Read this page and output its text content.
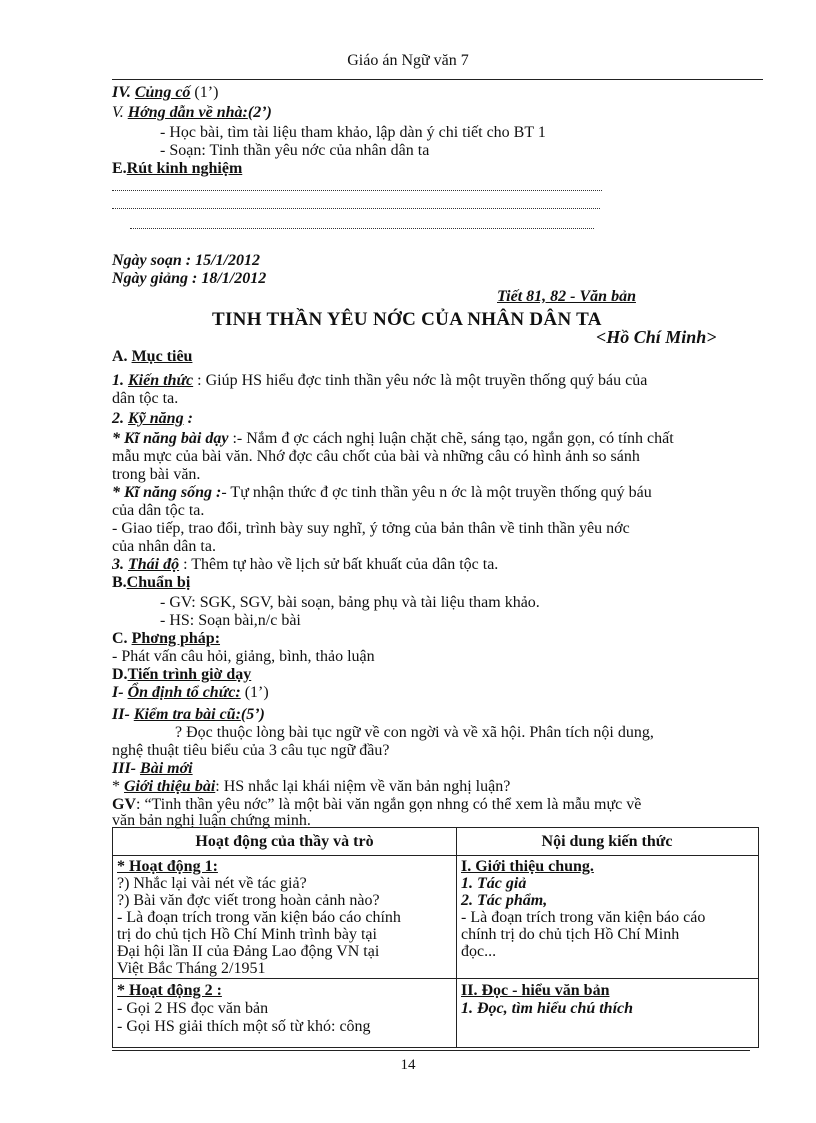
Giáo án Ngữ văn 7
IV. Củng cố (1’)
V. Hớng dẫn về nhà:(2’)
- Học bài, tìm tài liệu tham khảo, lập dàn ý chi tiết cho BT 1
- Soạn: Tinh thần yêu nớc của nhân dân ta
E.Rút kinh nghiệm
Ngày soạn : 15/1/2012
Ngày giảng : 18/1/2012
Tiết 81, 82 - Văn bản
TINH THẦN YÊU NỚC CỦA NHÂN DÂN TA
<Hồ Chí Minh>
A. Mục tiêu
1. Kiến thức : Giúp HS hiểu đợc tinh thần yêu nớc là một truyền thống quý báu của
dân tộc ta.
2. Kỹ năng :
* Kĩ năng bài dạy :- Nắm đ ợc cách nghị luận chặt chẽ, sáng tạo, ngắn gọn, có tính chất
mẫu mực của bài văn. Nhớ đợc câu chốt của bài và những câu có hình ảnh so sánh
trong bài văn.
* Kĩ năng sống :- Tự nhận thức đ ợc tinh thần yêu n ớc là một truyền thống quý báu
của dân tộc ta.
- Giao tiếp, trao đổi, trình bày suy nghĩ, ý tởng của bản thân về tinh thần yêu nớc
của nhân dân ta.
3. Thái độ : Thêm tự hào về lịch sử bất khuất của dân tộc ta.
B.Chuẩn bị
- GV: SGK, SGV, bài soạn, bảng phụ và tài liệu tham khảo.
- HS: Soạn bài,n/c bài
C. Phơng pháp:
- Phát vấn câu hỏi, giảng, bình, thảo luận
D.Tiến trình giờ dạy
I- Ổn định tổ chức: (1’)
II- Kiểm tra bài cũ:(5’)
? Đọc thuộc lòng bài tục ngữ về con ngời và về xã hội. Phân tích nội dung,
nghệ thuật tiêu biểu của 3 câu tục ngữ đầu?
III- Bài mới
* Giới thiệu bài: HS nhắc lại khái niệm về văn bản nghị luận?
GV: “Tinh thần yêu nớc” là một bài văn ngắn gọn nhng có thể xem là mẫu mực về
văn bản nghị luận chứng minh.
Hoạt động của thầy và trò	Nội dung kiến thức
* Hoạt động 1:
?) Nhắc lại vài nét về tác giả?
?) Bài văn đợc viết trong hoàn cảnh nào?
- Là đoạn trích trong văn kiện báo cáo chính
trị do chủ tịch Hồ Chí Minh trình bày tại
Đại hội lần II của Đảng Lao động VN tại
Việt Bắc Tháng 2/1951
I. Giới thiệu chung.
1. Tác giả
2. Tác phẩm,
- Là đoạn trích trong văn kiện báo cáo
chính trị do chủ tịch Hồ Chí Minh
đọc...
* Hoạt động 2 :
- Gọi 2 HS đọc văn bản
- Gọi HS giải thích một số từ khó: công
II. Đọc - hiểu văn bản
1. Đọc, tìm hiểu chú thích
14
